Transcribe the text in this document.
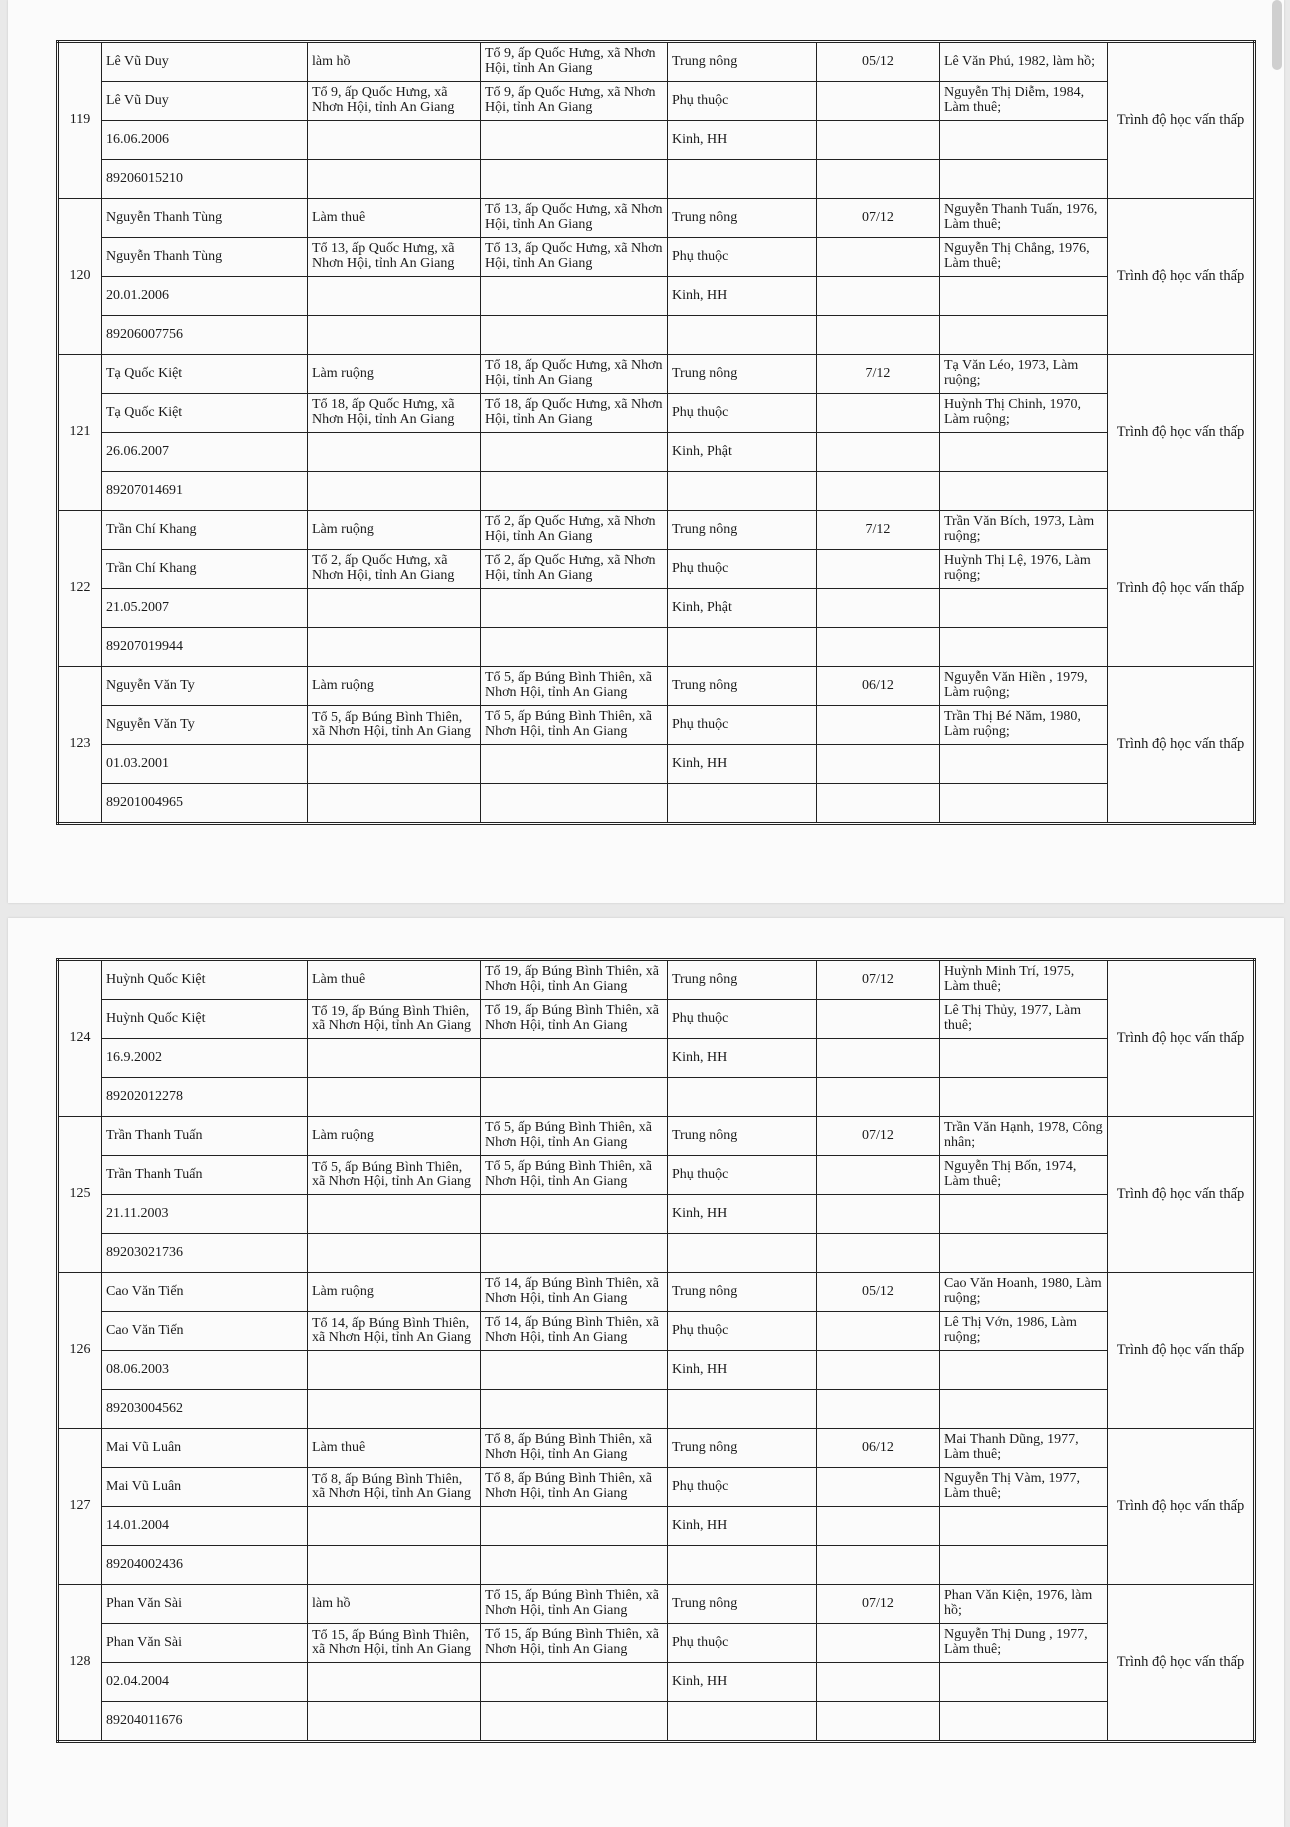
119	Lê Vũ Duy	làm hồ	Tổ 9, ấp Quốc Hưng, xã Nhơn Hội, tỉnh An Giang	Trung nông	05/12	Lê Văn Phú, 1982, làm hồ;	Trình độ học vấn thấp
	Lê Vũ Duy	Tổ 9, ấp Quốc Hưng, xã Nhơn Hội, tỉnh An Giang	Tổ 9, ấp Quốc Hưng, xã Nhơn Hội, tỉnh An Giang	Phụ thuộc		Nguyễn Thị Diễm, 1984, Làm thuê;	
	16.06.2006			Kinh, HH			
	89206015210						
120	Nguyễn Thanh Tùng	Làm thuê	Tổ 13, ấp Quốc Hưng, xã Nhơn Hội, tỉnh An Giang	Trung nông	07/12	Nguyễn Thanh Tuấn, 1976, Làm thuê;	Trình độ học vấn thấp
	Nguyễn Thanh Tùng	Tổ 13, ấp Quốc Hưng, xã Nhơn Hội, tỉnh An Giang	Tổ 13, ấp Quốc Hưng, xã Nhơn Hội, tỉnh An Giang	Phụ thuộc		Nguyễn Thị Chẳng, 1976, Làm thuê;	
	20.01.2006			Kinh, HH			
	89206007756						
121	Tạ Quốc Kiệt	Làm ruộng	Tổ 18, ấp Quốc Hưng, xã Nhơn Hội, tỉnh An Giang	Trung nông	7/12	Tạ Văn Léo, 1973, Làm ruộng;	Trình độ học vấn thấp
	Tạ Quốc Kiệt	Tổ 18, ấp Quốc Hưng, xã Nhơn Hội, tỉnh An Giang	Tổ 18, ấp Quốc Hưng, xã Nhơn Hội, tỉnh An Giang	Phụ thuộc		Huỳnh Thị Chinh, 1970, Làm ruộng;	
	26.06.2007			Kinh, Phật			
	89207014691						
122	Trần Chí Khang	Làm ruộng	Tổ 2, ấp Quốc Hưng, xã Nhơn Hội, tỉnh An Giang	Trung nông	7/12	Trần Văn Bích, 1973, Làm ruộng;	Trình độ học vấn thấp
	Trần Chí Khang	Tổ 2, ấp Quốc Hưng, xã Nhơn Hội, tỉnh An Giang	Tổ 2, ấp Quốc Hưng, xã Nhơn Hội, tỉnh An Giang	Phụ thuộc		Huỳnh Thị Lệ, 1976, Làm ruộng;	
	21.05.2007			Kinh, Phật			
	89207019944						
123	Nguyễn Văn Ty	Làm ruộng	Tổ 5, ấp Búng Bình Thiên, xã Nhơn Hội, tỉnh An Giang	Trung nông	06/12	Nguyễn Văn Hiền , 1979, Làm ruộng;	Trình độ học vấn thấp
	Nguyễn Văn Ty	Tổ 5, ấp Búng Bình Thiên, xã Nhơn Hội, tỉnh An Giang	Tổ 5, ấp Búng Bình Thiên, xã Nhơn Hội, tỉnh An Giang	Phụ thuộc		Trần Thị Bé Năm, 1980, Làm ruộng;	
	01.03.2001			Kinh, HH			
	89201004965						
124	Huỳnh Quốc Kiệt	Làm thuê	Tổ 19, ấp Búng Bình Thiên, xã Nhơn Hội, tỉnh An Giang	Trung nông	07/12	Huỳnh Minh Trí, 1975, Làm thuê;	Trình độ học vấn thấp
	Huỳnh Quốc Kiệt	Tổ 19, ấp Búng Bình Thiên, xã Nhơn Hội, tỉnh An Giang	Tổ 19, ấp Búng Bình Thiên, xã Nhơn Hội, tỉnh An Giang	Phụ thuộc		Lê Thị Thủy, 1977, Làm thuê;	
	16.9.2002			Kinh, HH			
	89202012278						
125	Trần Thanh Tuấn	Làm ruộng	Tổ 5, ấp Búng Bình Thiên, xã Nhơn Hội, tỉnh An Giang	Trung nông	07/12	Trần Văn Hạnh, 1978, Công nhân;	Trình độ học vấn thấp
	Trần Thanh Tuấn	Tổ 5, ấp Búng Bình Thiên, xã Nhơn Hội, tỉnh An Giang	Tổ 5, ấp Búng Bình Thiên, xã Nhơn Hội, tỉnh An Giang	Phụ thuộc		Nguyễn Thị Bốn, 1974, Làm thuê;	
	21.11.2003			Kinh, HH			
	89203021736						
126	Cao Văn Tiến	Làm ruộng	Tổ 14, ấp Búng Bình Thiên, xã Nhơn Hội, tỉnh An Giang	Trung nông	05/12	Cao Văn Hoanh, 1980, Làm ruộng;	Trình độ học vấn thấp
	Cao Văn Tiến	Tổ 14, ấp Búng Bình Thiên, xã Nhơn Hội, tỉnh An Giang	Tổ 14, ấp Búng Bình Thiên, xã Nhơn Hội, tỉnh An Giang	Phụ thuộc		Lê Thị Vớn, 1986, Làm ruộng;	
	08.06.2003			Kinh, HH			
	89203004562						
127	Mai Vũ Luân	Làm thuê	Tổ 8, ấp Búng Bình Thiên, xã Nhơn Hội, tỉnh An Giang	Trung nông	06/12	Mai Thanh Dũng, 1977, Làm thuê;	Trình độ học vấn thấp
	Mai Vũ Luân	Tổ 8, ấp Búng Bình Thiên, xã Nhơn Hội, tỉnh An Giang	Tổ 8, ấp Búng Bình Thiên, xã Nhơn Hội, tỉnh An Giang	Phụ thuộc		Nguyễn Thị Vàm, 1977, Làm thuê;	
	14.01.2004			Kinh, HH			
	89204002436						
128	Phan Văn Sài	làm hồ	Tổ 15, ấp Búng Bình Thiên, xã Nhơn Hội, tỉnh An Giang	Trung nông	07/12	Phan Văn Kiện, 1976, làm hồ;	Trình độ học vấn thấp
	Phan Văn Sài	Tổ 15, ấp Búng Bình Thiên, xã Nhơn Hội, tỉnh An Giang	Tổ 15, ấp Búng Bình Thiên, xã Nhơn Hội, tỉnh An Giang	Phụ thuộc		Nguyễn Thị Dung , 1977, Làm thuê;	
	02.04.2004			Kinh, HH			
	89204011676						
